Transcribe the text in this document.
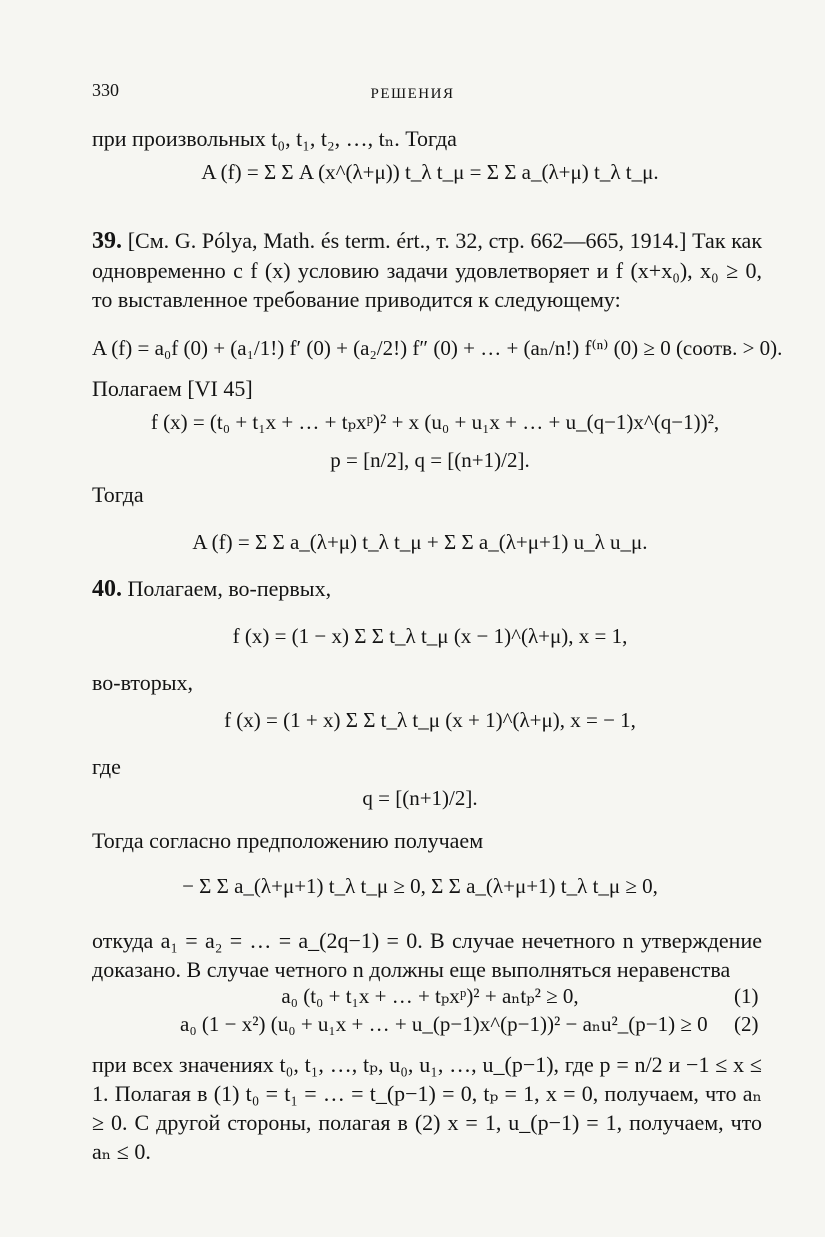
330	РЕШЕНИЯ
при произвольных t₀, t₁, t₂, …, tₙ. Тогда
A (f) = Σ Σ A (x^(λ+μ)) t_λ t_μ = Σ Σ a_(λ+μ) t_λ t_μ.
39. [См. G. Pólya, Math. és term. ért., т. 32, стр. 662—665, 1914.] Так как одновременно с f (x) условию задачи удовлетворяет и f (x+x₀), x₀ ≥ 0, то выставленное требование приводится к следующему:
A (f) = a₀f (0) + (a₁/1!) f′ (0) + (a₂/2!) f″ (0) + … + (aₙ/n!) f⁽ⁿ⁾ (0) ≥ 0 (соотв. > 0).
Полагаем [VI 45]
f (x) = (t₀ + t₁x + … + tₚxᵖ)² + x (u₀ + u₁x + … + u_(q−1)x^(q−1))²,
p = [n/2], q = [(n+1)/2].
Тогда
A (f) = Σ Σ a_(λ+μ) t_λ t_μ + Σ Σ a_(λ+μ+1) u_λ u_μ.
40. Полагаем, во-первых,
f (x) = (1 − x) Σ Σ t_λ t_μ (x − 1)^(λ+μ), x = 1,
во-вторых,
f (x) = (1 + x) Σ Σ t_λ t_μ (x + 1)^(λ+μ), x = − 1,
где
q = [(n+1)/2].
Тогда согласно предположению получаем
− Σ Σ a_(λ+μ+1) t_λ t_μ ≥ 0, Σ Σ a_(λ+μ+1) t_λ t_μ ≥ 0,
откуда a₁ = a₂ = … = a_(2q−1) = 0. В случае нечетного n утверждение доказано. В случае четного n должны еще выполняться неравенства
a₀ (t₀ + t₁x + … + tₚxᵖ)² + aₙtₚ² ≥ 0,	(1)
a₀ (1 − x²) (u₀ + u₁x + … + u_(p−1)x^(p−1))² − aₙu²_(p−1) ≥ 0 (2)
при всех значениях t₀, t₁, …, tₚ, u₀, u₁, …, u_(p−1), где p = n/2 и −1 ≤ x ≤ 1. Полагая в (1) t₀ = t₁ = … = t_(p−1) = 0, tₚ = 1, x = 0, получаем, что aₙ ≥ 0. С другой стороны, полагая в (2) x = 1, u_(p−1) = 1, получаем, что aₙ ≤ 0.
